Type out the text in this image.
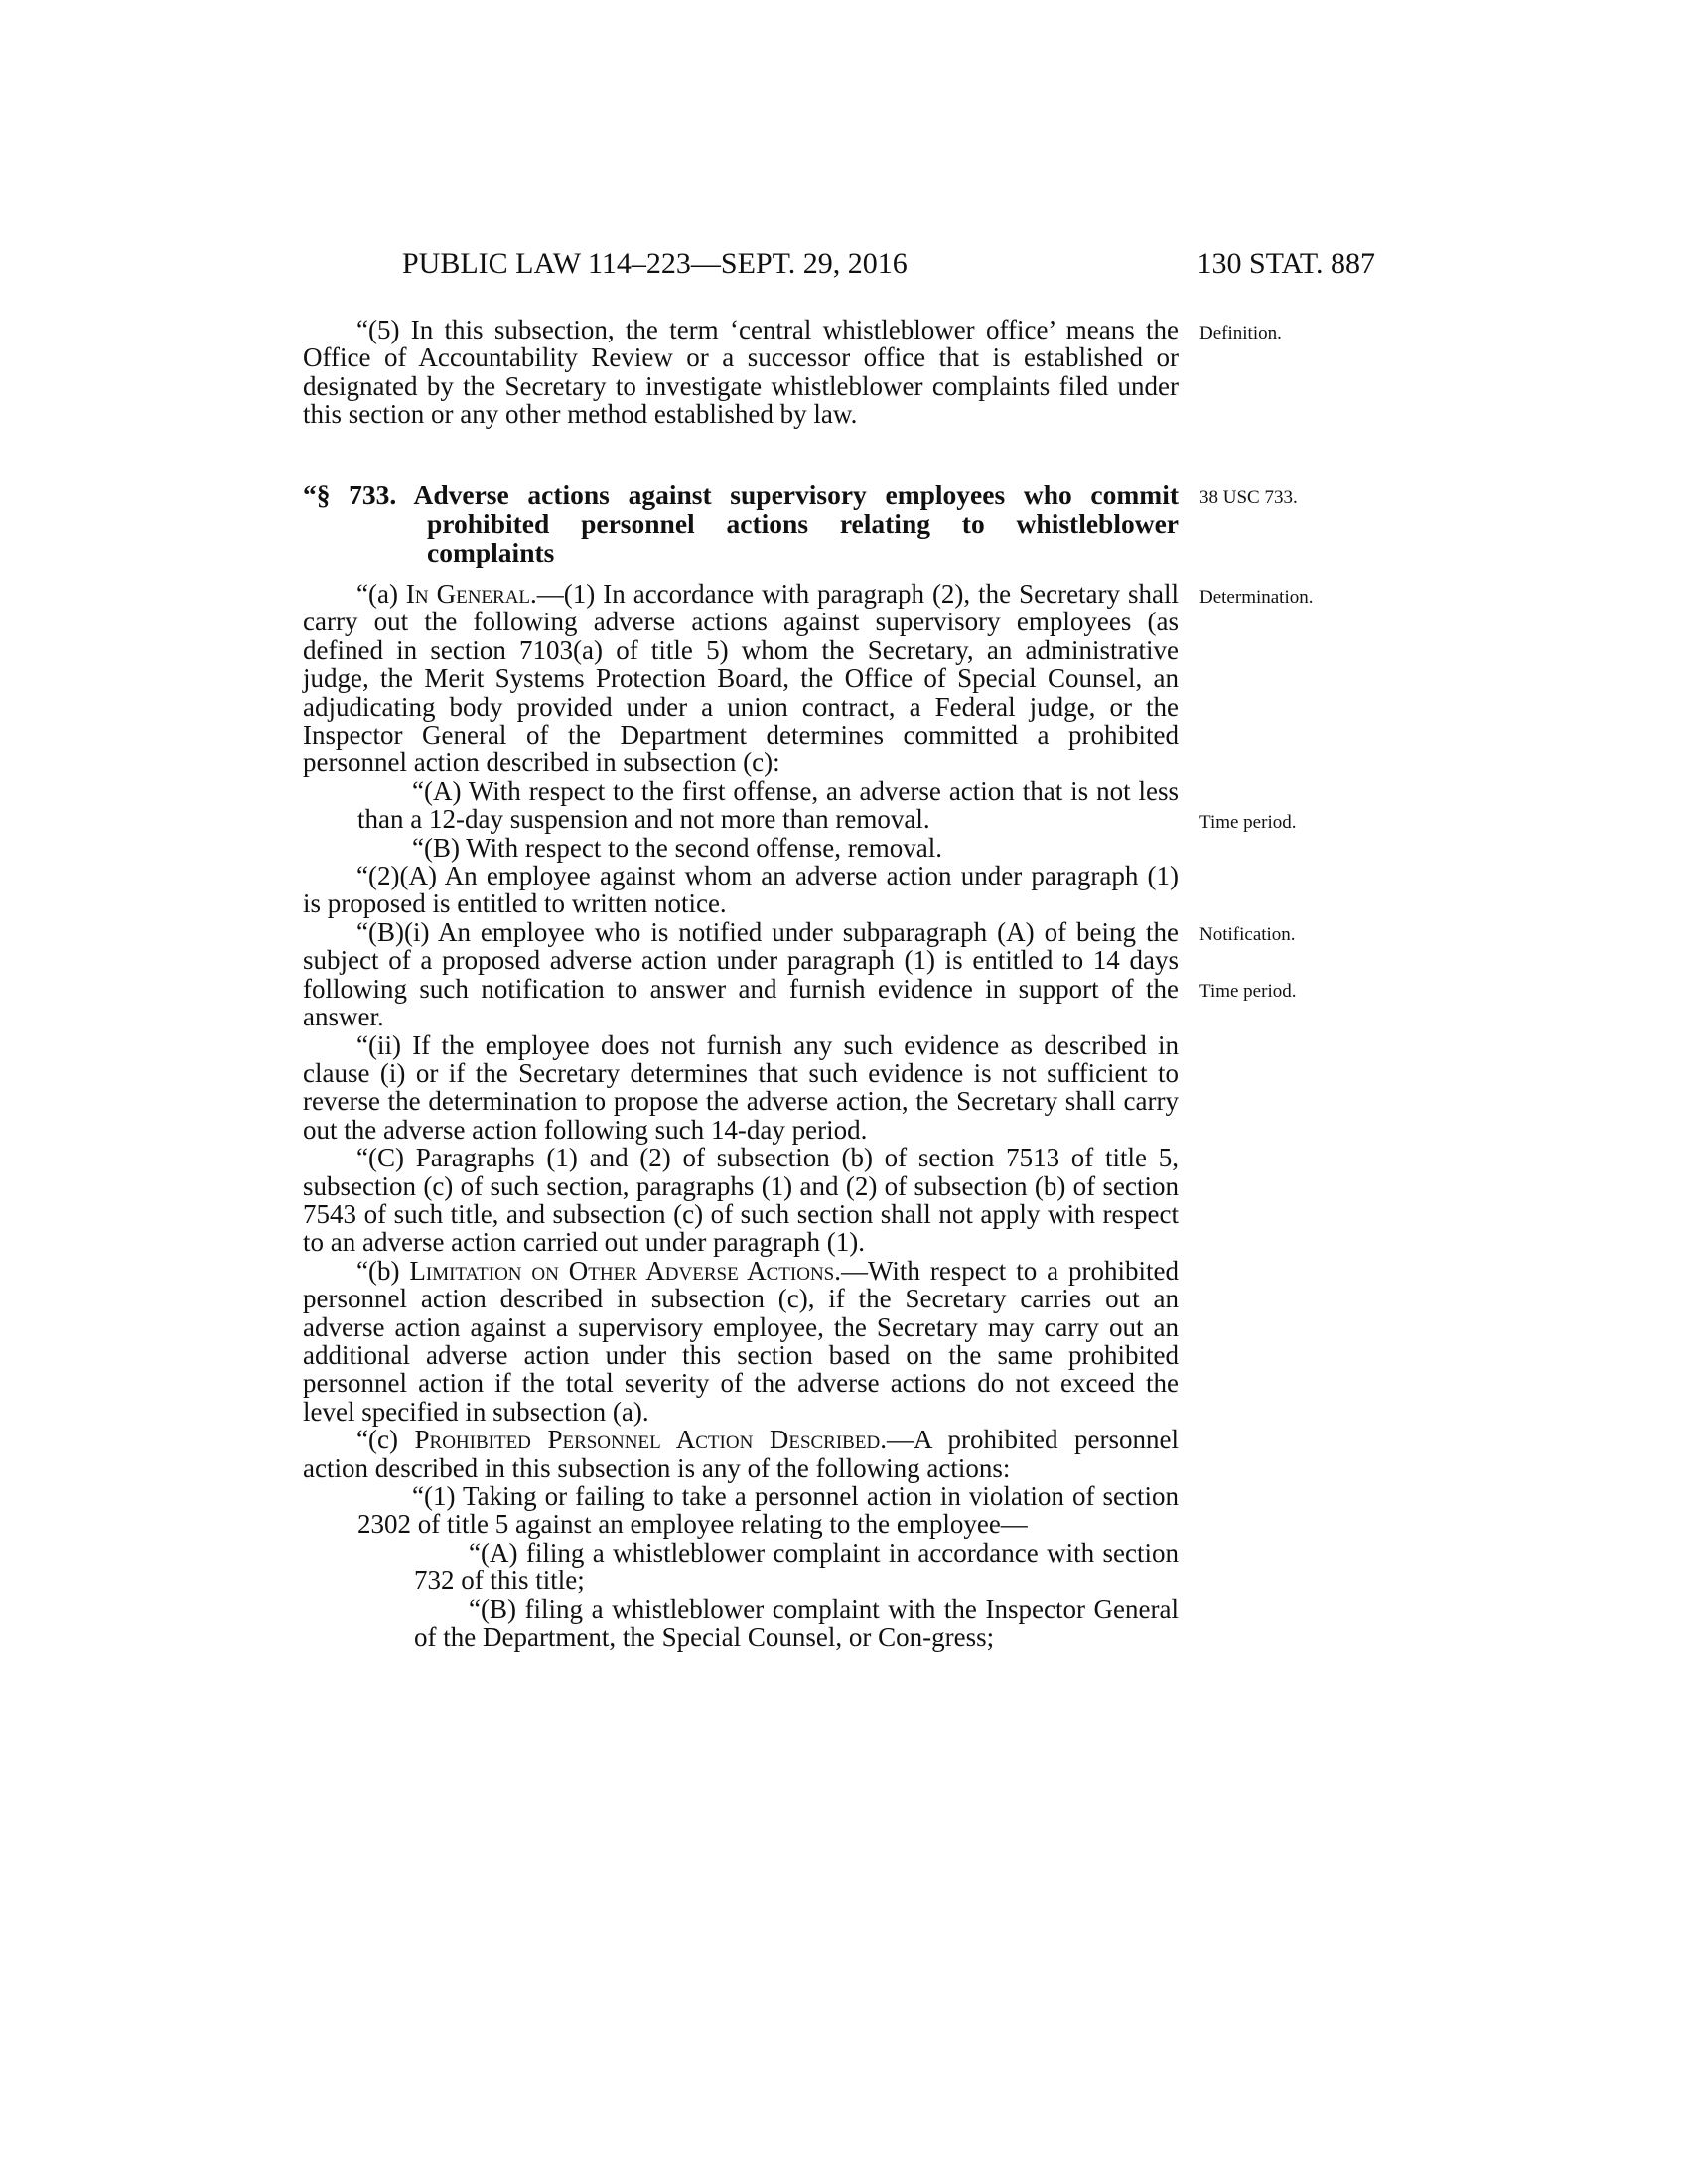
PUBLIC LAW 114–223—SEPT. 29, 2016	130 STAT. 887

“(5) In this subsection, the term ‘central whistleblower office’ means the Office of Accountability Review or a successor office that is established or designated by the Secretary to investigate whistleblower complaints filed under this section or any other method established by law.

“§ 733. Adverse actions against supervisory employees who commit prohibited personnel actions relating to whistleblower complaints

“(a) In General.—(1) In accordance with paragraph (2), the Secretary shall carry out the following adverse actions against supervisory employees (as defined in section 7103(a) of title 5) whom the Secretary, an administrative judge, the Merit Systems Protection Board, the Office of Special Counsel, an adjudicating body provided under a union contract, a Federal judge, or the Inspector General of the Department determines committed a prohibited personnel action described in subsection (c):

“(A) With respect to the first offense, an adverse action that is not less than a 12-day suspension and not more than removal.

“(B) With respect to the second offense, removal.

“(2)(A) An employee against whom an adverse action under paragraph (1) is proposed is entitled to written notice.

“(B)(i) An employee who is notified under subparagraph (A) of being the subject of a proposed adverse action under paragraph (1) is entitled to 14 days following such notification to answer and furnish evidence in support of the answer.

“(ii) If the employee does not furnish any such evidence as described in clause (i) or if the Secretary determines that such evidence is not sufficient to reverse the determination to propose the adverse action, the Secretary shall carry out the adverse action following such 14-day period.

“(C) Paragraphs (1) and (2) of subsection (b) of section 7513 of title 5, subsection (c) of such section, paragraphs (1) and (2) of subsection (b) of section 7543 of such title, and subsection (c) of such section shall not apply with respect to an adverse action carried out under paragraph (1).

“(b) Limitation on Other Adverse Actions.—With respect to a prohibited personnel action described in subsection (c), if the Secretary carries out an adverse action against a supervisory employee, the Secretary may carry out an additional adverse action under this section based on the same prohibited personnel action if the total severity of the adverse actions do not exceed the level specified in subsection (a).

“(c) Prohibited Personnel Action Described.—A prohibited personnel action described in this subsection is any of the following actions:

“(1) Taking or failing to take a personnel action in violation of section 2302 of title 5 against an employee relating to the employee—

“(A) filing a whistleblower complaint in accordance with section 732 of this title;

“(B) filing a whistleblower complaint with the Inspector General of the Department, the Special Counsel, or Con-gress;

Definition.
38 USC 733.
Determination.
Time period.
Notification.
Time period.
